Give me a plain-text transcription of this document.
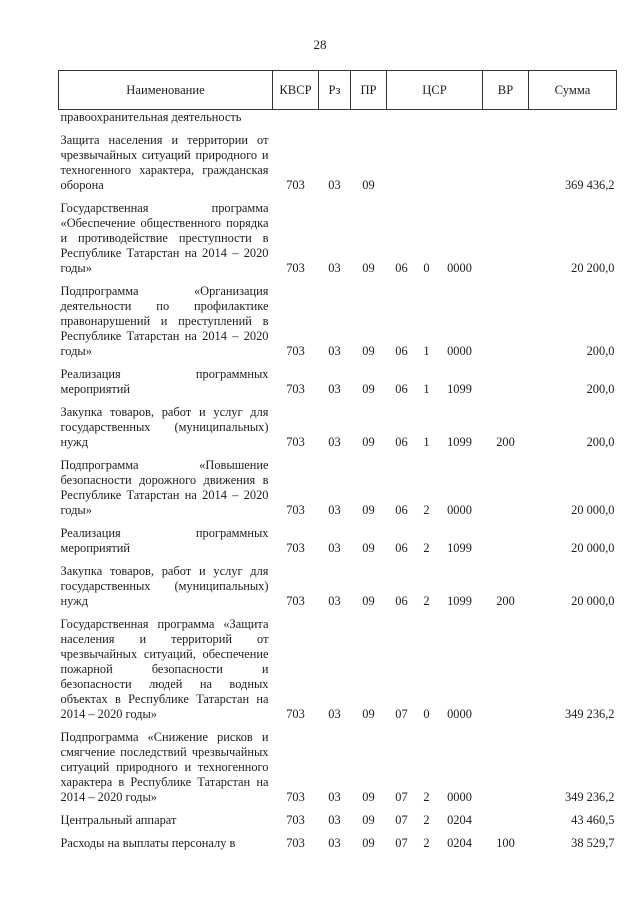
28
Наименование	КВСР	Рз	ПР	ЦСР			ВР	Сумма
правоохранительная деятельность								
Защита населения и территории от чрезвычайных ситуаций природного и техногенного характера, гражданская оборона	703	03	09					369 436,2
Государственная программа «Обеспечение общественного порядка и противодействие преступности в Республике Татарстан на 2014 – 2020 годы»	703	03	09	06	0	0000		20 200,0
Подпрограмма «Организация деятельности по профилактике правонарушений и преступлений в Республике Татарстан на 2014 – 2020 годы»	703	03	09	06	1	0000		200,0
Реализация программных мероприятий	703	03	09	06	1	1099		200,0
Закупка товаров, работ и услуг для государственных (муниципальных) нужд	703	03	09	06	1	1099	200	200,0
Подпрограмма «Повышение безопасности дорожного движения в Республике Татарстан на 2014 – 2020 годы»	703	03	09	06	2	0000		20 000,0
Реализация программных мероприятий	703	03	09	06	2	1099		20 000,0
Закупка товаров, работ и услуг для государственных (муниципальных) нужд	703	03	09	06	2	1099	200	20 000,0
Государственная программа «Защита населения и территорий от чрезвычайных ситуаций, обеспечение пожарной безопасности и безопасности людей на водных объектах в Республике Татарстан на 2014 – 2020 годы»	703	03	09	07	0	0000		349 236,2
Подпрограмма «Снижение рисков и смягчение последствий чрезвычайных ситуаций природного и техногенного характера в Республике Татарстан на 2014 – 2020 годы»	703	03	09	07	2	0000		349 236,2
Центральный аппарат	703	03	09	07	2	0204		43 460,5
Расходы на выплаты персоналу в	703	03	09	07	2	0204	100	38 529,7
